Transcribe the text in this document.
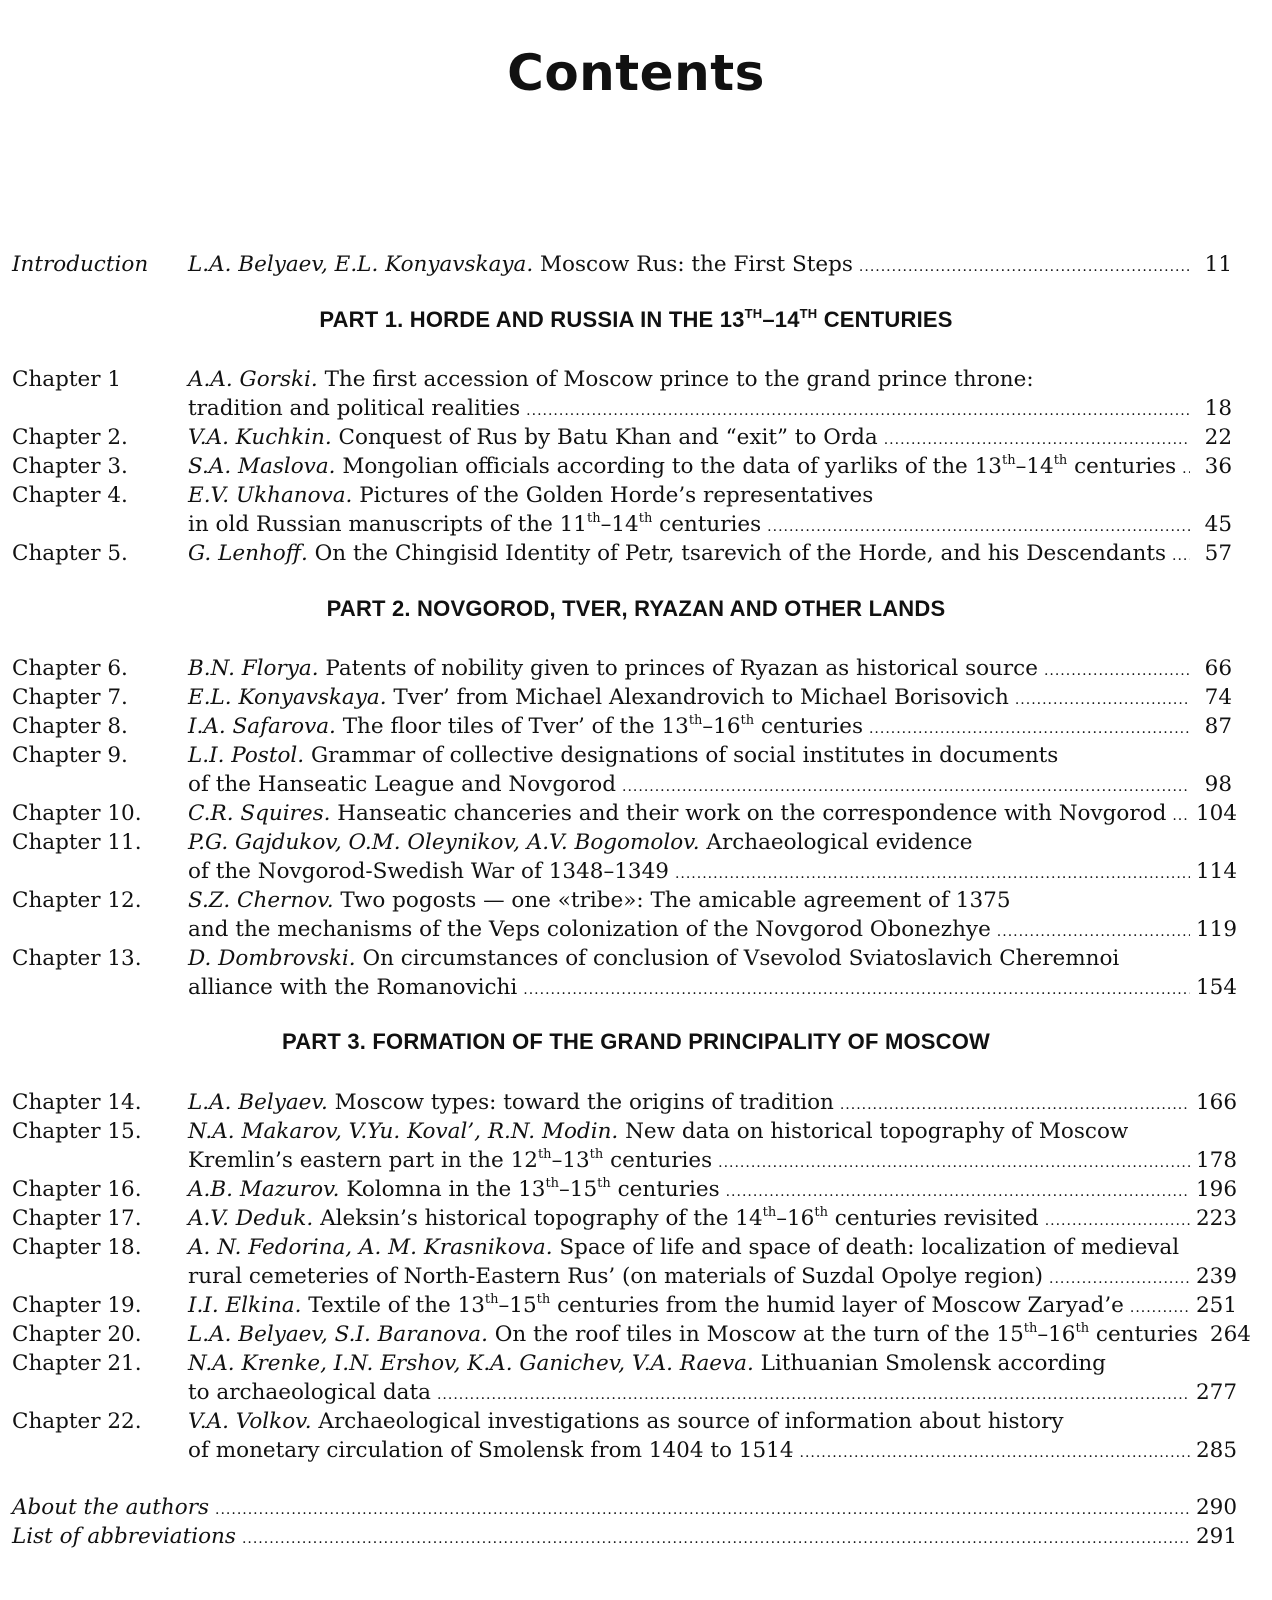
Contents
Introduction L.A. Belyaev, E.L. Konyavskaya. Moscow Rus: the First Steps .....	11
PART 1. HORDE AND RUSSIA IN THE 13TH–14TH CENTURIES
Chapter 1	A.A. Gorski. The first accession of Moscow prince to the grand prince throne:
tradition and political realities .....	18
Chapter 2.	V.A. Kuchkin. Conquest of Rus by Batu Khan and “exit” to Orda .....	22
Chapter 3.	S.A. Maslova. Mongolian officials according to the data of yarliks of the 13th–14th centuries .....	36
Chapter 4.	E.V. Ukhanova. Pictures of the Golden Horde’s representatives
in old Russian manuscripts of the 11th–14th centuries .....	45
Chapter 5.	G. Lenhoff. On the Chingisid Identity of Petr, tsarevich of the Horde, and his Descendants .....	57
PART 2. NOVGOROD, TVER, RYAZAN AND OTHER LANDS
Chapter 6.	B.N. Florya. Patents of nobility given to princes of Ryazan as historical source .....	66
Chapter 7.	E.L. Konyavskaya. Tver’ from Michael Alexandrovich to Michael Borisovich .....	74
Chapter 8.	I.A. Safarova. The floor tiles of Tver’ of the 13th–16th centuries .....	87
Chapter 9.	L.I. Postol. Grammar of collective designations of social institutes in documents
of the Hanseatic League and Novgorod .....	98
Chapter 10. C.R. Squires. Hanseatic chanceries and their work on the correspondence with Novgorod ..... 104
Chapter 11. P.G. Gajdukov, O.M. Oleynikov, A.V. Bogomolov. Archaeological evidence
of the Novgorod-Swedish War of 1348–1349 .....	114
Chapter 12. S.Z. Chernov. Two pogosts — one «tribe»: The amicable agreement of 1375
and the mechanisms of the Veps colonization of the Novgorod Obonezhye .....	119
Chapter 13. D. Dombrovski. On circumstances of conclusion of Vsevolod Sviatoslavich Cheremnoi
alliance with the Romanovichi .....	154
PART 3. FORMATION OF THE GRAND PRINCIPALITY OF MOSCOW
Chapter 14. L.A. Belyaev. Moscow types: toward the origins of tradition .....	166
Chapter 15. N.A. Makarov, V.Yu. Koval’, R.N. Modin. New data on historical topography of Moscow
Kremlin’s eastern part in the 12th–13th centuries .....	178
Chapter 16. A.B. Mazurov. Kolomna in the 13th–15th centuries .....	196
Chapter 17. A.V. Deduk. Aleksin’s historical topography of the 14th–16th centuries revisited .....	223
Chapter 18. A. N. Fedorina, A. M. Krasnikova. Space of life and space of death: localization of medieval
rural cemeteries of North-Eastern Rus’ (on materials of Suzdal Opolye region) .....	239
Chapter 19. I.I. Elkina. Textile of the 13th–15th centuries from the humid layer of Moscow Zaryad’e .....	251
Chapter 20. L.A. Belyaev, S.I. Baranova. On the roof tiles in Moscow at the turn of the 15th–16th centuries 264
Chapter 21. N.A. Krenke, I.N. Ershov, K.A. Ganichev, V.A. Raeva. Lithuanian Smolensk according
to archaeological data .....	277
Chapter 22. V.A. Volkov. Archaeological investigations as source of information about history
of monetary circulation of Smolensk from 1404 to 1514 .....	285
About the authors .....	290
List of abbreviations .....	291
